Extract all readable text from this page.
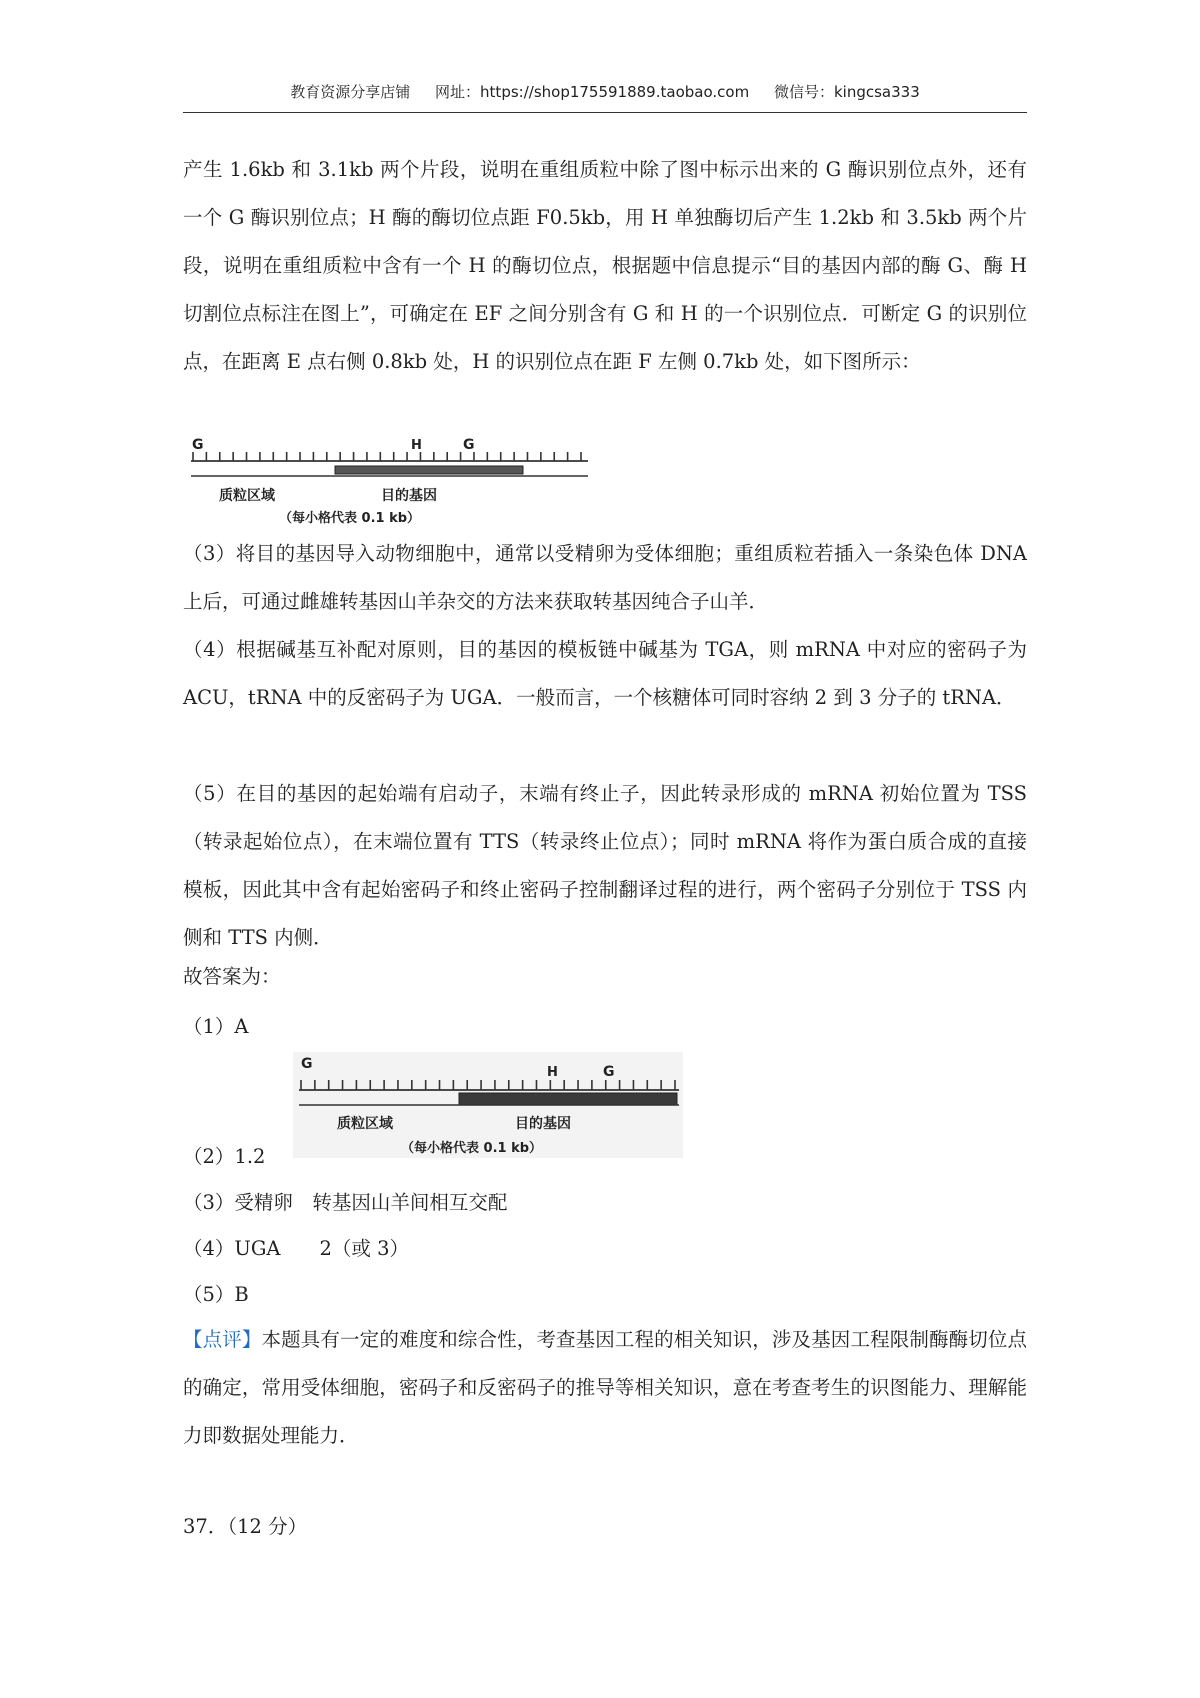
教育资源分享店铺 网址：https://shop175591889.taobao.com 微信号：kingcsa333

产生 1.6kb 和 3.1kb 两个片段，说明在重组质粒中除了图中标示出来的 G 酶识别位点外，还有一个 G 酶识别位点；H 酶的酶切位点距 F0.5kb，用 H 单独酶切后产生 1.2kb 和 3.5kb 两个片段，说明在重组质粒中含有一个 H 的酶切位点，根据题中信息提示“目的基因内部的酶 G、酶 H 切割位点标注在图上”，可确定在 EF 之间分别含有 G 和 H 的一个识别位点．可断定 G 的识别位点，在距离 E 点右侧 0.8kb 处，H 的识别位点在距 F 左侧 0.7kb 处，如下图所示：

G	H	G
质粒区域	目的基因
（每小格代表 0.1 kb）

（3）将目的基因导入动物细胞中，通常以受精卵为受体细胞；重组质粒若插入一条染色体 DNA 上后，可通过雌雄转基因山羊杂交的方法来获取转基因纯合子山羊．

（4）根据碱基互补配对原则，目的基因的模板链中碱基为 TGA，则 mRNA 中对应的密码子为 ACU，tRNA 中的反密码子为 UGA．一般而言，一个核糖体可同时容纳 2 到 3 分子的 tRNA．

（5）在目的基因的起始端有启动子，末端有终止子，因此转录形成的 mRNA 初始位置为 TSS（转录起始位点），在末端位置有 TTS（转录终止位点）；同时 mRNA 将作为蛋白质合成的直接模板，因此其中含有起始密码子和终止密码子控制翻译过程的进行，两个密码子分别位于 TSS 内侧和 TTS 内侧．

故答案为：

（1）A

G
H	G
质粒区域	目的基因
（每小格代表 0.1 kb）

（2）1.2

（3）受精卵　转基因山羊间相互交配

（4）UGA　　2（或 3）

（5）B

【点评】本题具有一定的难度和综合性，考查基因工程的相关知识，涉及基因工程限制酶酶切位点的确定，常用受体细胞，密码子和反密码子的推导等相关知识，意在考查考生的识图能力、理解能力即数据处理能力．

37．（12 分）
